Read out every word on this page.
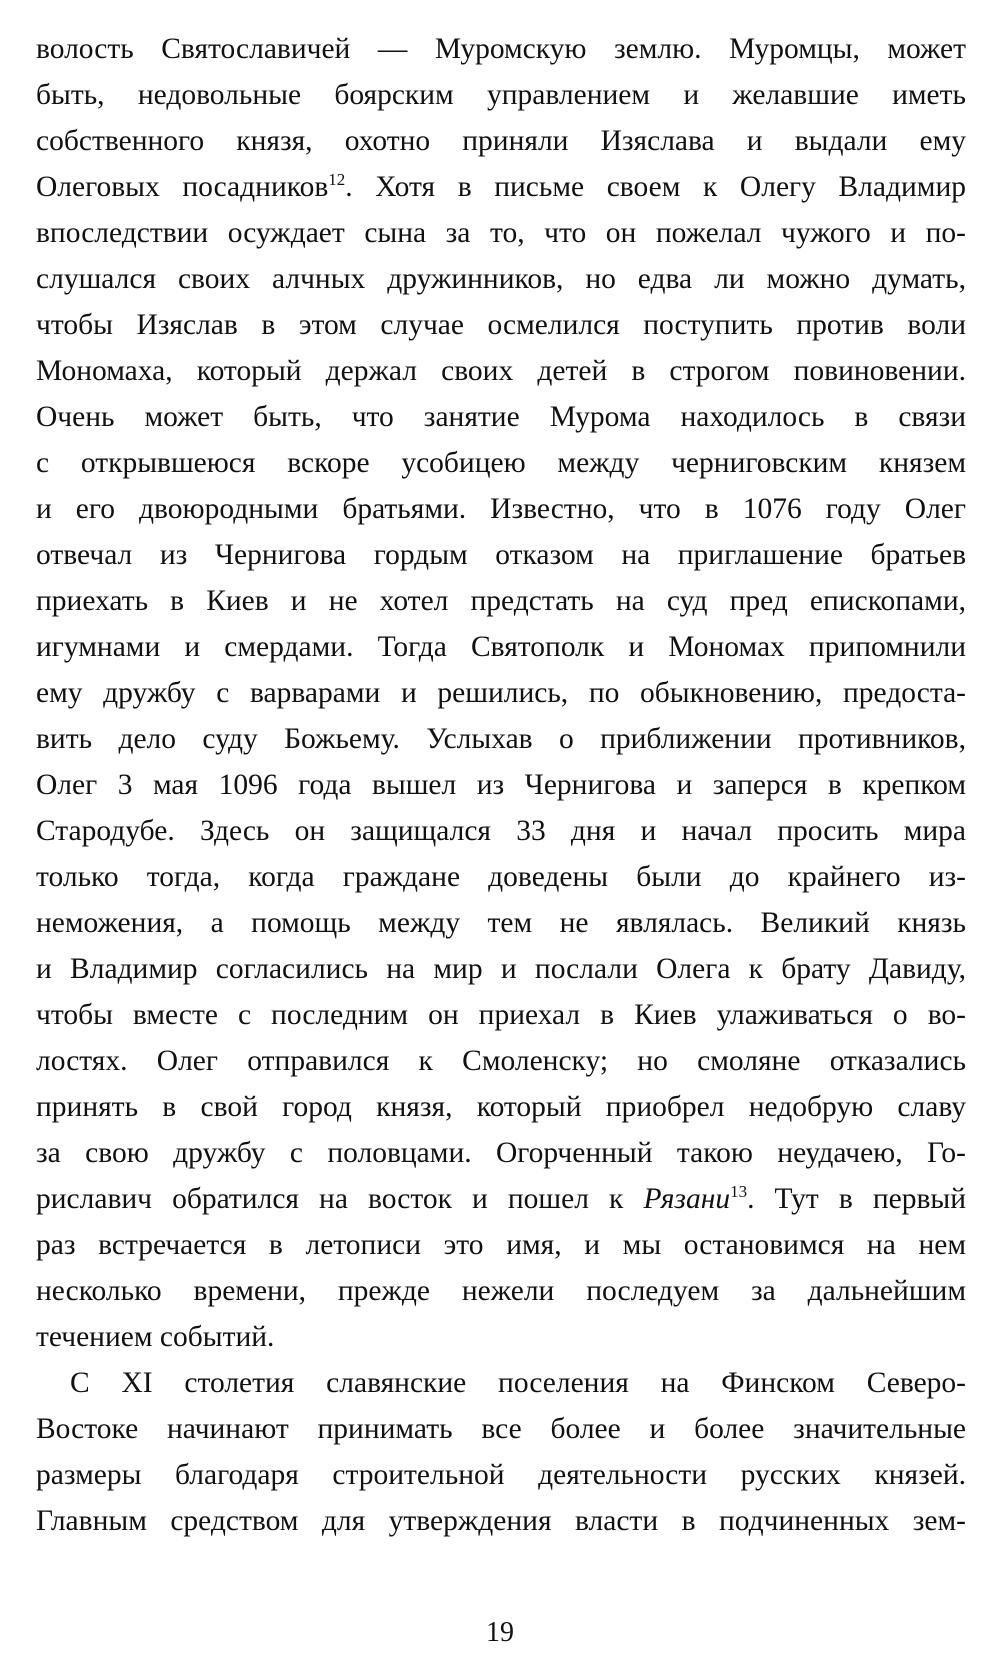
волость Святославичей — Муромскую землю. Муромцы, может
быть, недовольные боярским управлением и желавшие иметь
собственного князя, охотно приняли Изяслава и выдали ему
Олеговых посадников$^{12}$. Хотя в письме своем к Олегу Владимир
впоследствии осуждает сына за то, что он пожелал чужого и по-
слушался своих алчных дружинников, но едва ли можно думать,
чтобы Изяслав в этом случае осмелился поступить против воли
Мономаха, который держал своих детей в строгом повиновении.
Очень может быть, что занятие Мурома находилось в связи
с открывшеюся вскоре усобицею между черниговским князем
и его двоюродными братьями. Известно, что в 1076 году Олег
отвечал из Чернигова гордым отказом на приглашение братьев
приехать в Киев и не хотел предстать на суд пред епископами,
игумнами и смердами. Тогда Святополк и Мономах припомнили
ему дружбу с варварами и решились, по обыкновению, предоста-
вить дело суду Божьему. Услыхав о приближении противников,
Олег 3 мая 1096 года вышел из Чернигова и заперся в крепком
Стародубе. Здесь он защищался 33 дня и начал просить мира
только тогда, когда граждане доведены были до крайнего из-
неможения, а помощь между тем не являлась. Великий князь
и Владимир согласились на мир и послали Олега к брату Давиду,
чтобы вместе с последним он приехал в Киев улаживаться о во-
лостях. Олег отправился к Смоленску; но смоляне отказались
принять в свой город князя, который приобрел недобрую славу
за свою дружбу с половцами. Огорченный такою неудачею, Го-
риславич обратился на восток и пошел к Рязани$^{13}$. Тут в первый
раз встречается в летописи это имя, и мы остановимся на нем
несколько времени, прежде нежели последуем за дальнейшим
течением событий.
С XI столетия славянские поселения на Финском Северо-
Востоке начинают принимать все более и более значительные
размеры благодаря строительной деятельности русских князей.
Главным средством для утверждения власти в подчиненных зем-
19
